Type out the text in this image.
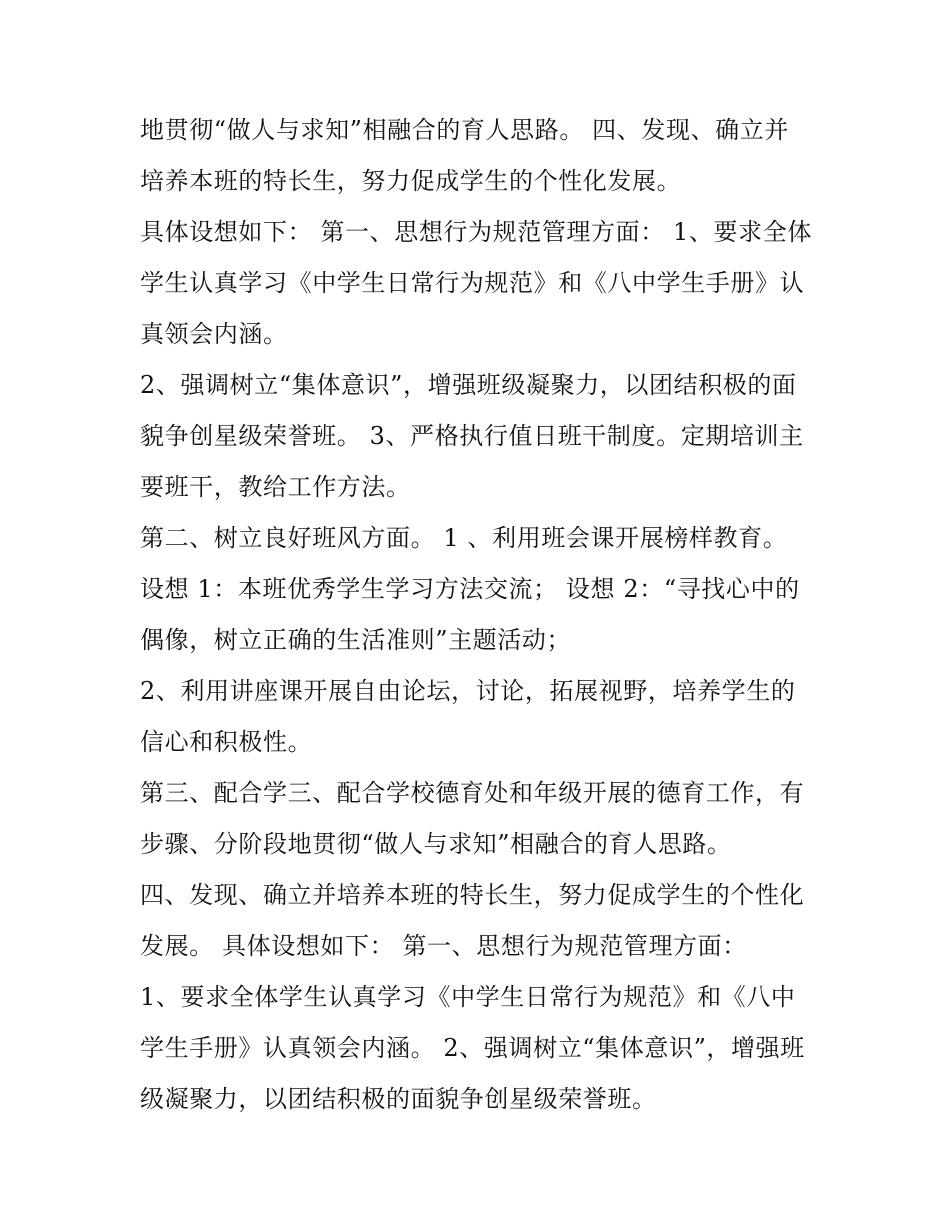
地贯彻“做人与求知”相融合的育人思路。 四、发现、确立并
培养本班的特长生，努力促成学生的个性化发展。
具体设想如下： 第一、思想行为规范管理方面： 1、要求全体
学生认真学习《中学生日常行为规范》和《八中学生手册》认
真领会内涵。
2、强调树立“集体意识”，增强班级凝聚力，以团结积极的面
貌争创星级荣誉班。 3、严格执行值日班干制度。定期培训主
要班干，教给工作方法。
第二、树立良好班风方面。 1 、利用班会课开展榜样教育。
设想 1：本班优秀学生学习方法交流； 设想 2：“寻找心中的
偶像，树立正确的生活准则”主题活动；
2、利用讲座课开展自由论坛，讨论，拓展视野，培养学生的
信心和积极性。
第三、配合学三、配合学校德育处和年级开展的德育工作，有
步骤、分阶段地贯彻“做人与求知”相融合的育人思路。
四、发现、确立并培养本班的特长生，努力促成学生的个性化
发展。 具体设想如下： 第一、思想行为规范管理方面：
1、要求全体学生认真学习《中学生日常行为规范》和《八中
学生手册》认真领会内涵。 2、强调树立“集体意识”，增强班
级凝聚力，以团结积极的面貌争创星级荣誉班。
